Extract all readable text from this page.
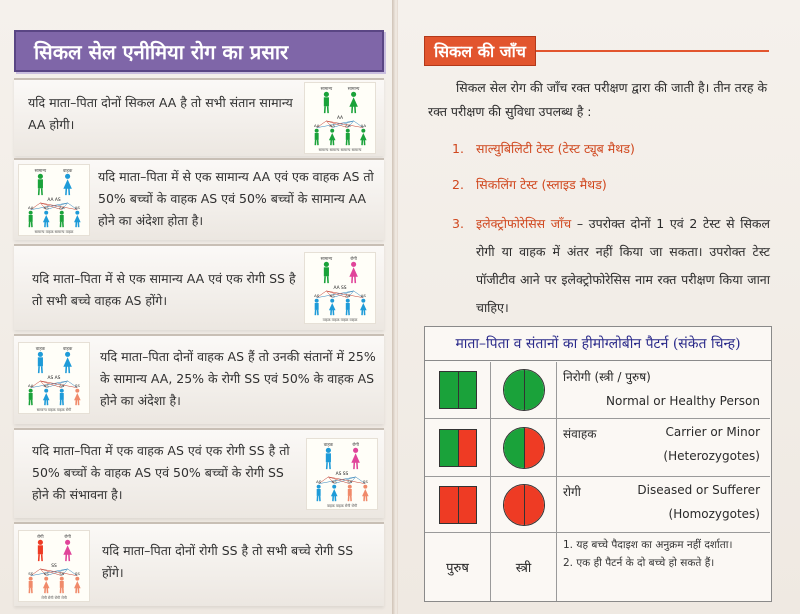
सिकल सेल एनीमिया रोग का प्रसार
यदि माता–पिता दोनों सिकल AA है तो सभी संतान सामान्य AA होगी।
सामान्य	सामान्य
AA
AA	AA	AA	AA
सामान्य सामान्य सामान्य सामान्य
सामान्य	वाहक
AA AS
AA	AS	AA	AS
सामान्य वाहक सामान्य वाहक
यदि माता–पिता में से एक सामान्य AA एवं एक वाहक AS तो 50% बच्चों के वाहक AS एवं 50% बच्चों के सामान्य AA होने का अंदेशा होता है।
यदि माता–पिता में से एक सामान्य AA एवं एक रोगी SS है तो सभी बच्चे वाहक AS होंगे।
सामान्य	रोगी
AA SS
AS	AS	AS	AS
वाहक वाहक वाहक वाहक
वाहक	वाहक
AS AS
AA	AS	AS	SS
सामान्य वाहक वाहक रोगी
यदि माता–पिता दोनों वाहक AS हैं तो उनकी संतानों में 25% के सामान्य AA, 25% के रोगी SS एवं 50% के वाहक AS होने का अंदेशा है।
यदि माता–पिता में एक वाहक AS एवं एक रोगी SS है तो 50% बच्चों के वाहक AS एवं 50% बच्चों के रोगी SS होने की संभावना है।
वाहक	रोगी
AS SS
AS	AS	SS	SS
वाहक वाहक रोगी रोगी
रोगी	रोगी
SS
SS	SS	SS	SS
रोगी रोगी रोगी रोगी
यदि माता–पिता दोनों रोगी SS है तो सभी बच्चे रोगी SS होंगे।
सिकल की जाँच
सिकल सेल रोग की जाँच रक्त परीक्षण द्वारा की जाती है। तीन तरह के रक्त परीक्षण की सुविधा उपलब्ध है :
1. साल्युबिलिटी टेस्ट (टेस्ट ट्यूब मैथड)
2. सिकलिंग टेस्ट (स्लाइड मैथड)
3. इलेक्ट्रोफोरेसिस जाँच – उपरोक्त दोनों 1 एवं 2 टेस्ट से सिकल रोगी या वाहक में अंतर नहीं किया जा सकता। उपरोक्त टेस्ट पॉजीटीव आने पर इलेक्ट्रोफोरेसिस नाम रक्त परीक्षण किया जाना चाहिए।
माता–पिता व संतानों का हीमोग्लोबीन पैटर्न (संकेत चिन्ह)
निरोगी (स्त्री / पुरुष)
Normal or Healthy Person
संवाहक	Carrier or Minor
(Heterozygotes)
रोगी	Diseased or Sufferer
(Homozygotes)
पुरुष	स्त्री
1. यह बच्चे पैदाइश का अनुक्रम नहीं दर्शाता।
2. एक ही पैटर्न के दो बच्चे हो सकते हैं।
